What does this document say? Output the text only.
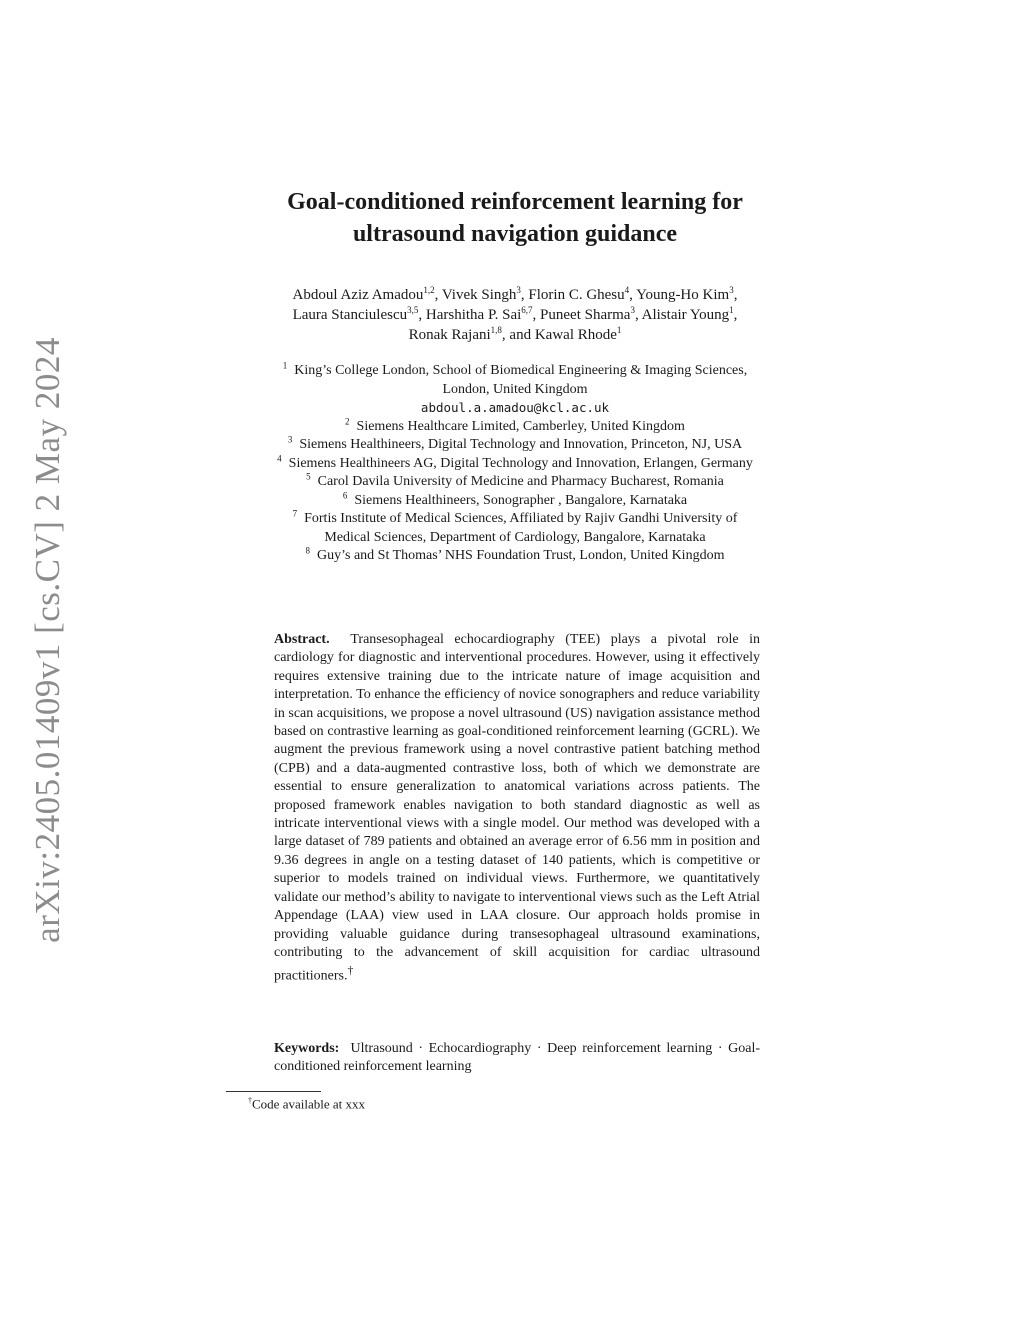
arXiv:2405.01409v1 [cs.CV] 2 May 2024
Goal-conditioned reinforcement learning for
ultrasound navigation guidance
Abdoul Aziz Amadou$^{1,2}$, Vivek Singh$^3$, Florin C. Ghesu$^4$, Young-Ho Kim$^3$,
Laura Stanciulescu$^{3,5}$, Harshitha P. Sai$^{6,7}$, Puneet Sharma$^3$, Alistair Young$^1$,
Ronak Rajani$^{1,8}$, and Kawal Rhode$^1$
$^1$ King’s College London, School of Biomedical Engineering & Imaging Sciences,
London, United Kingdom
abdoul.a.amadou@kcl.ac.uk
$^2$ Siemens Healthcare Limited, Camberley, United Kingdom
$^3$ Siemens Healthineers, Digital Technology and Innovation, Princeton, NJ, USA
$^4$ Siemens Healthineers AG, Digital Technology and Innovation, Erlangen, Germany
$^5$ Carol Davila University of Medicine and Pharmacy Bucharest, Romania
$^6$ Siemens Healthineers, Sonographer , Bangalore, Karnataka
$^7$ Fortis Institute of Medical Sciences, Affiliated by Rajiv Gandhi University of
Medical Sciences, Department of Cardiology, Bangalore, Karnataka
$^8$ Guy’s and St Thomas’ NHS Foundation Trust, London, United Kingdom
Abstract. Transesophageal echocardiography (TEE) plays a pivotal role in cardiology for diagnostic and interventional procedures. However, using it effectively requires extensive training due to the intricate nature of image acquisition and interpretation. To enhance the efficiency of novice sonographers and reduce variability in scan acquisitions, we propose a novel ultrasound (US) navigation assistance method based on contrastive learning as goal-conditioned reinforcement learning (GCRL). We augment the previous framework using a novel contrastive patient batching method (CPB) and a data-augmented contrastive loss, both of which we demonstrate are essential to ensure generalization to anatomical variations across patients. The proposed framework enables navigation to both standard diagnostic as well as intricate interventional views with a single model. Our method was developed with a large dataset of 789 patients and obtained an average error of 6.56 mm in position and 9.36 degrees in angle on a testing dataset of 140 patients, which is competitive or superior to models trained on individual views. Furthermore, we quantitatively validate our method’s ability to navigate to interventional views such as the Left Atrial Appendage (LAA) view used in LAA closure. Our approach holds promise in providing valuable guidance during transesophageal ultrasound examinations, contributing to the advancement of skill acquisition for cardiac ultrasound practitioners.†
Keywords: Ultrasound · Echocardiography · Deep reinforcement learning · Goal-conditioned reinforcement learning
†Code available at xxx
